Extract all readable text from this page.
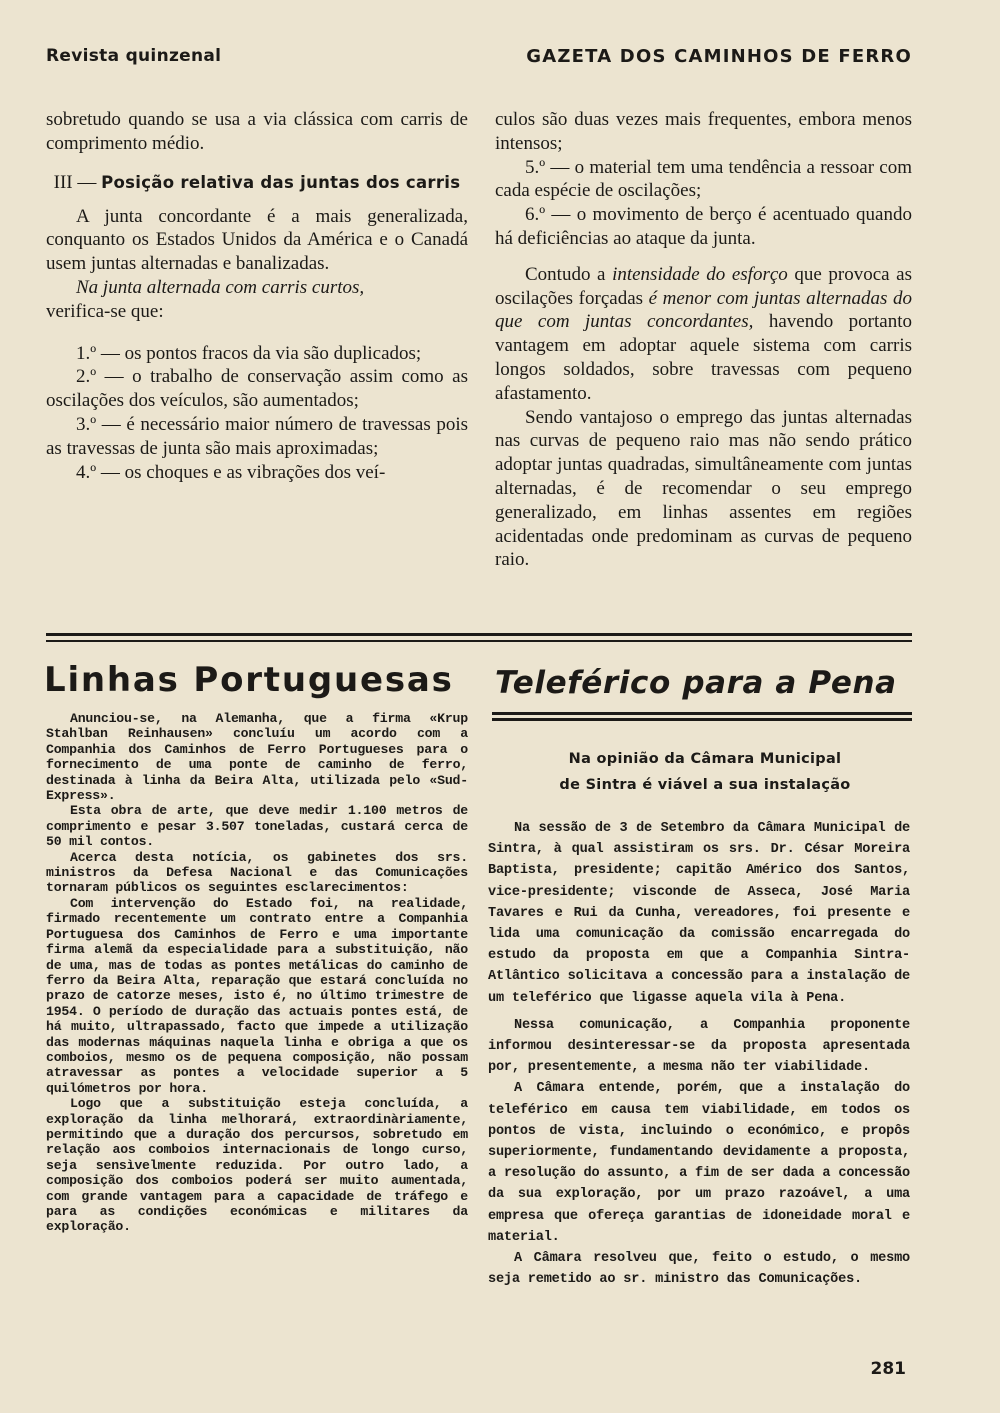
Revista quinzenal	GAZETA DOS CAMINHOS DE FERRO

sobretudo quando se usa a via clássica com carris de comprimento médio.

III — Posição relativa das juntas dos carris

A junta concordante é a mais generalizada, conquanto os Estados Unidos da América e o Canadá usem juntas alternadas e banalizadas.

Na junta alternada com carris curtos,
verifica-se que:

1.º — os pontos fracos da via são duplicados;

2.º — o trabalho de conservação assim como as oscilações dos veículos, são aumentados;

3.º — é necessário maior número de travessas pois as travessas de junta são mais aproximadas;

4.º — os choques e as vibrações dos veí-

culos são duas vezes mais frequentes, embora menos intensos;

5.º — o material tem uma tendência a ressoar com cada espécie de oscilações;

6.º — o movimento de berço é acentuado quando há deficiências ao ataque da junta.

Contudo a intensidade do esforço que provoca as oscilações forçadas é menor com juntas alternadas do que com juntas concordantes, havendo portanto vantagem em adoptar aquele sistema com carris longos soldados, sobre travessas com pequeno afastamento.

Sendo vantajoso o emprego das juntas alternadas nas curvas de pequeno raio mas não sendo prático adoptar juntas quadradas, simultâneamente com juntas alternadas, é de recomendar o seu emprego generalizado, em linhas assentes em regiões acidentadas onde predominam as curvas de pequeno raio.

Linhas Portuguesas	Teleférico para a Pena
Na opinião da Câmara Municipal
de Sintra é viável a sua instalação

Anunciou-se, na Alemanha, que a firma «Krup Stahlban Reinhausen» concluíu um acordo com a Companhia dos Caminhos de Ferro Portugueses para o fornecimento de uma ponte de caminho de ferro, destinada à linha da Beira Alta, utilizada pelo «Sud-Express».

Esta obra de arte, que deve medir 1.100 metros de comprimento e pesar 3.507 toneladas, custará cerca de 50 mil contos.

Acerca desta notícia, os gabinetes dos srs. ministros da Defesa Nacional e das Comunicações tornaram públicos os seguintes esclarecimentos:

Com intervenção do Estado foi, na realidade, firmado recentemente um contrato entre a Companhia Portuguesa dos Caminhos de Ferro e uma importante firma alemã da especialidade para a substituição, não de uma, mas de todas as pontes metálicas do caminho de ferro da Beira Alta, reparação que estará concluída no prazo de catorze meses, isto é, no último trimestre de 1954. O período de duração das actuais pontes está, de há muito, ultrapassado, facto que impede a utilização das modernas máquinas naquela linha e obriga a que os comboios, mesmo os de pequena composição, não possam atravessar as pontes a velocidade superior a 5 quilómetros por hora.

Logo que a substituição esteja concluída, a exploração da linha melhorará, extraordinàriamente, permitindo que a duração dos percursos, sobretudo em relação aos comboios internacionais de longo curso, seja sensìvelmente reduzida. Por outro lado, a composição dos comboios poderá ser muito aumentada, com grande vantagem para a capacidade de tráfego e para as condições económicas e militares da exploração.

Na sessão de 3 de Setembro da Câmara Municipal de Sintra, à qual assistiram os srs. Dr. César Moreira Baptista, presidente; capitão Américo dos Santos, vice-presidente; visconde de Asseca, José Maria Tavares e Rui da Cunha, vereadores, foi presente e lida uma comunicação da comissão encarregada do estudo da proposta em que a Companhia Sintra-Atlântico solicitava a concessão para a instalação de um teleférico que ligasse aquela vila à Pena.

Nessa comunicação, a Companhia proponente informou desinteressar-se da proposta apresentada por, presentemente, a mesma não ter viabilidade.

A Câmara entende, porém, que a instalação do teleférico em causa tem viabilidade, em todos os pontos de vista, incluindo o económico, e propôs superiormente, fundamentando devidamente a proposta, a resolução do assunto, a fim de ser dada a concessão da sua exploração, por um prazo razoável, a uma empresa que ofereça garantias de idoneidade moral e material.

A Câmara resolveu que, feito o estudo, o mesmo seja remetido ao sr. ministro das Comunicações.

281
